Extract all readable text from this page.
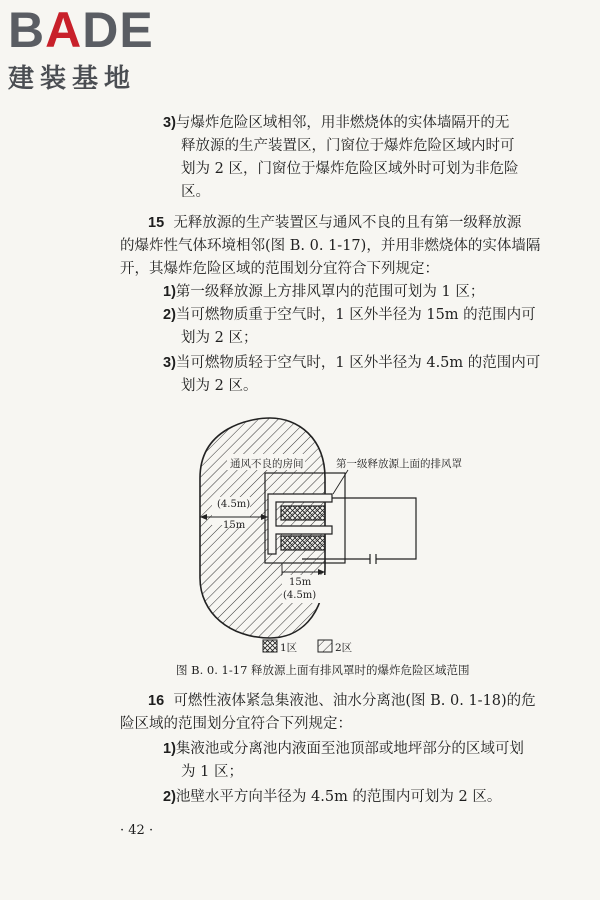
BADE
建装基地
3)与爆炸危险区域相邻，用非燃烧体的实体墙隔开的无
释放源的生产装置区，门窗位于爆炸危险区域内时可
划为 2 区，门窗位于爆炸危险区域外时可划为非危险
区。
15 无释放源的生产装置区与通风不良的且有第一级释放源
的爆炸性气体环境相邻(图 B. 0. 1-17)，并用非燃烧体的实体墙隔
开，其爆炸危险区域的范围划分宜符合下列规定：
1)第一级释放源上方排风罩内的范围可划为 1 区；
2)当可燃物质重于空气时，1 区外半径为 15m 的范围内可
划为 2 区；
3)当可燃物质轻于空气时，1 区外半径为 4.5m 的范围内可
划为 2 区。
通风不良的房间	第一级释放源上面的排风罩
(4.5m)
15m
15m
(4.5m)
1区	2区
图 B. 0. 1-17 释放源上面有排风罩时的爆炸危险区域范围
16 可燃性液体紧急集液池、油水分离池(图 B. 0. 1-18)的危
险区域的范围划分宜符合下列规定：
1)集液池或分离池内液面至池顶部或地坪部分的区域可划
为 1 区；
2)池壁水平方向半径为 4.5m 的范围内可划为 2 区。
· 42 ·
